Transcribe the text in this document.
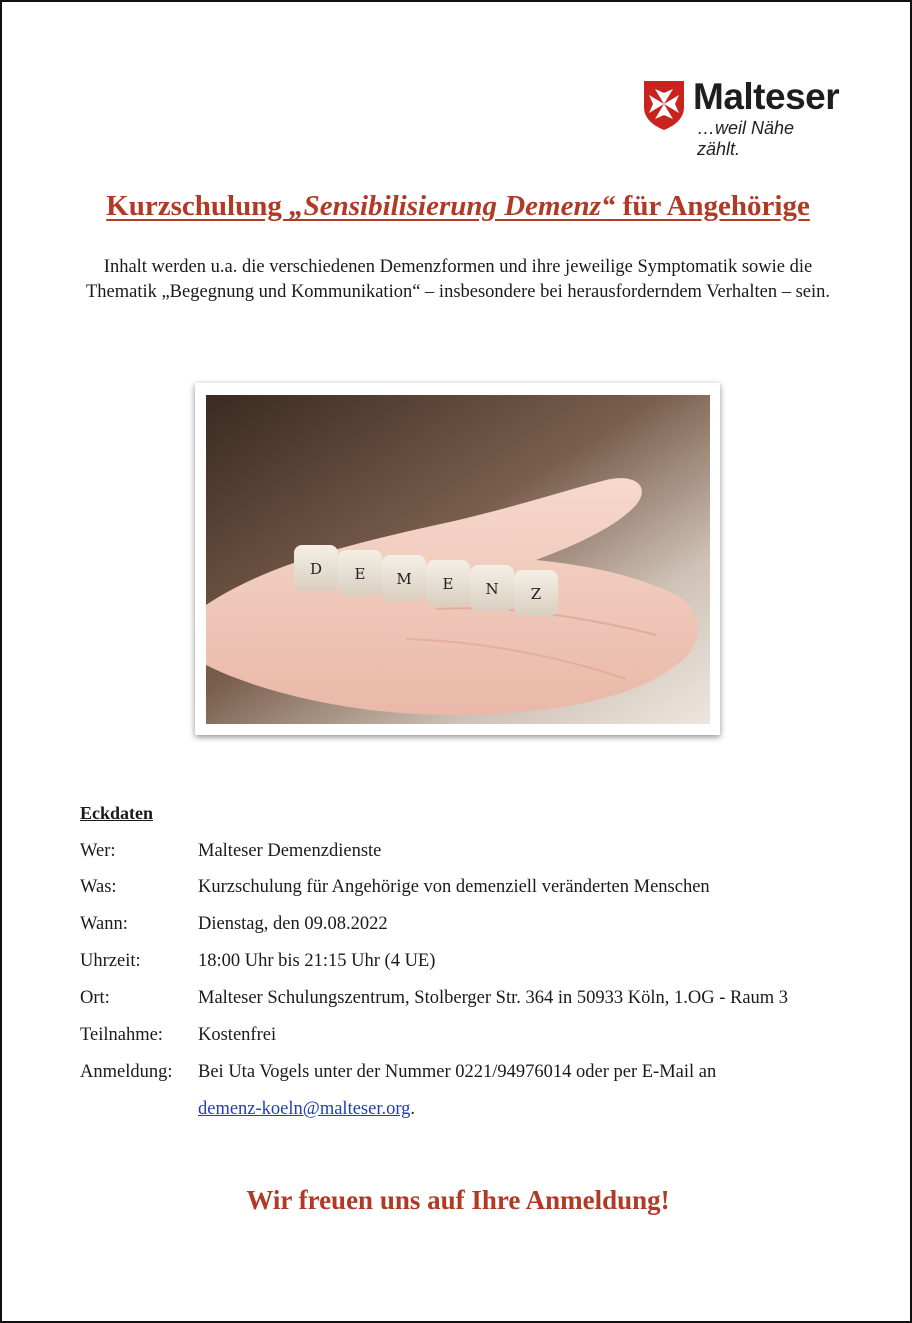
Malteser
…weil Nähe zählt.
Kurzschulung „Sensibilisierung Demenz“ für Angehörige
Inhalt werden u.a. die verschiedenen Demenzformen und ihre jeweilige Symptomatik sowie die Thematik „Begegnung und Kommunikation“ – insbesondere bei herausforderndem Verhalten – sein.
D E M E N Z
Eckdaten
Wer:	Malteser Demenzdienste
Was:	Kurzschulung für Angehörige von demenziell veränderten Menschen
Wann:	Dienstag, den 09.08.2022
Uhrzeit:	18:00 Uhr bis 21:15 Uhr (4 UE)
Ort:	Malteser Schulungszentrum, Stolberger Str. 364 in 50933 Köln, 1.OG - Raum 3
Teilnahme: Kostenfrei
Anmeldung: Bei Uta Vogels unter der Nummer 0221/94976014 oder per E-Mail an
demenz-koeln@malteser.org.
Wir freuen uns auf Ihre Anmeldung!
